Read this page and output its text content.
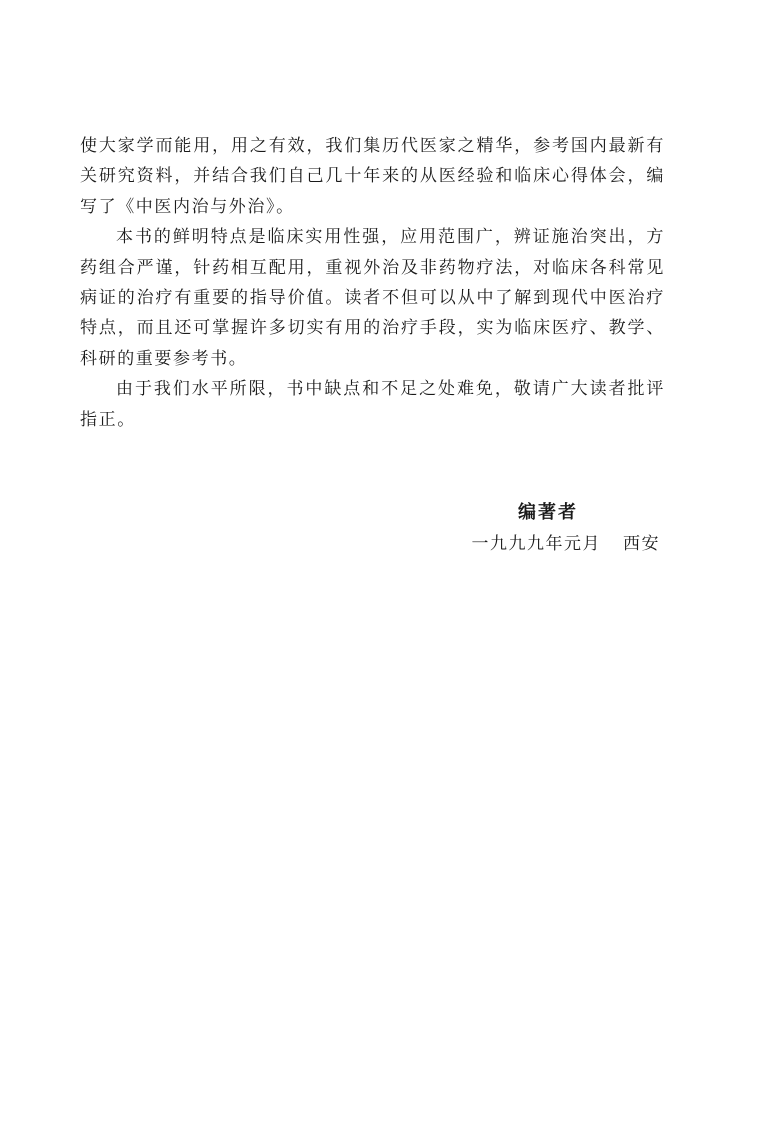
使大家学而能用，用之有效，我们集历代医家之精华，参考国内最新有关研究资料，并结合我们自己几十年来的从医经验和临床心得体会，编写了《中医内治与外治》。

本书的鲜明特点是临床实用性强，应用范围广，辨证施治突出，方药组合严谨，针药相互配用，重视外治及非药物疗法，对临床各科常见病证的治疗有重要的指导价值。读者不但可以从中了解到现代中医治疗特点，而且还可掌握许多切实有用的治疗手段，实为临床医疗、教学、科研的重要参考书。

由于我们水平所限，书中缺点和不足之处难免，敬请广大读者批评指正。

编著者
一九九九年元月 西安
